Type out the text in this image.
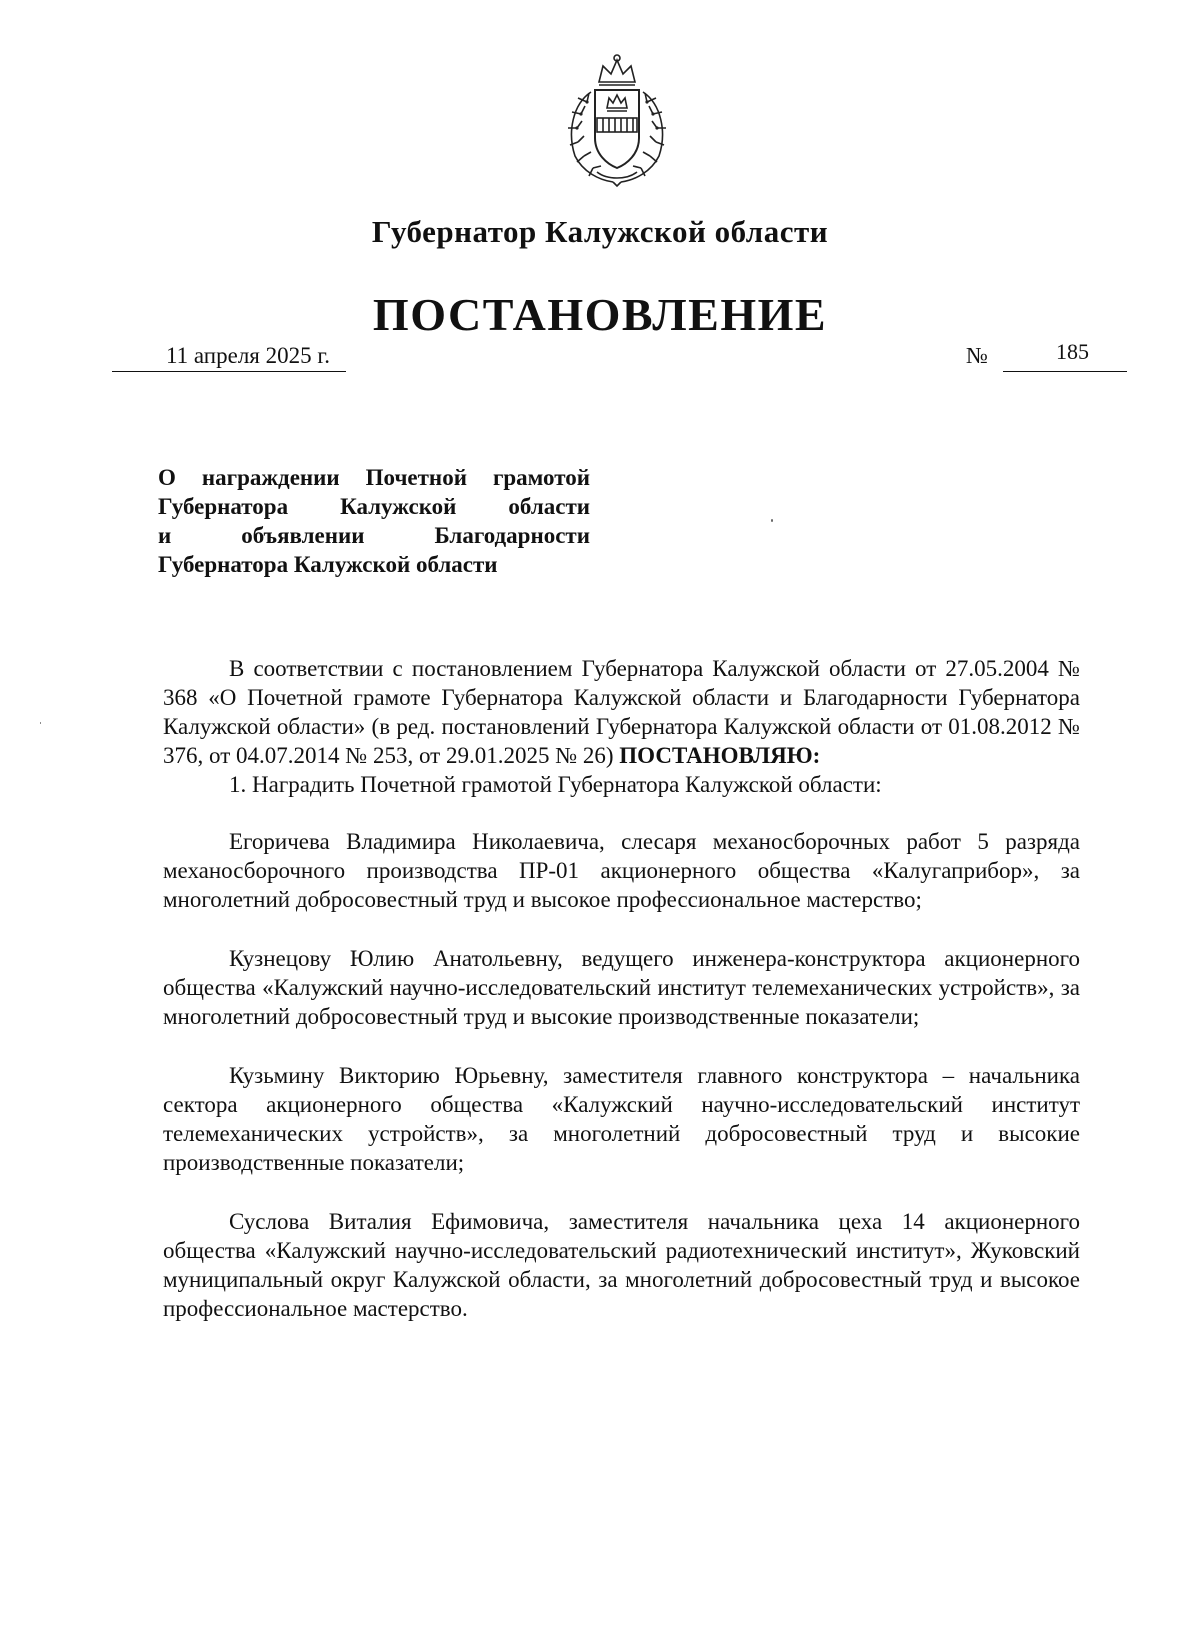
Губернатор Калужской области
ПОСТАНОВЛЕНИЕ
11 апреля 2025 г.	№	185
О награждении Почетной грамотой
Губернатора Калужской области
и объявлении Благодарности
Губернатора Калужской области

В соответствии с постановлением Губернатора Калужской области от 27.05.2004 № 368 «О Почетной грамоте Губернатора Калужской области и Благодарности Губернатора Калужской области» (в ред. постановлений Губернатора Калужской области от 01.08.2012 № 376, от 04.07.2014 № 253, от 29.01.2025 № 26) ПОСТАНОВЛЯЮ:

1. Наградить Почетной грамотой Губернатора Калужской области:

Егоричева Владимира Николаевича, слесаря механосборочных работ 5 разряда механосборочного производства ПР-01 акционерного общества «Калугаприбор», за многолетний добросовестный труд и высокое профессиональное мастерство;

Кузнецову Юлию Анатольевну, ведущего инженера-конструктора акционерного общества «Калужский научно-исследовательский институт телемеханических устройств», за многолетний добросовестный труд и высокие производственные показатели;

Кузьмину Викторию Юрьевну, заместителя главного конструктора – начальника сектора акционерного общества «Калужский научно-исследовательский институт телемеханических устройств», за многолетний добросовестный труд и высокие производственные показатели;

Суслова Виталия Ефимовича, заместителя начальника цеха 14 акционерного общества «Калужский научно-исследовательский радиотехнический институт», Жуковский муниципальный округ Калужской области, за многолетний добросовестный труд и высокое профессиональное мастерство.
